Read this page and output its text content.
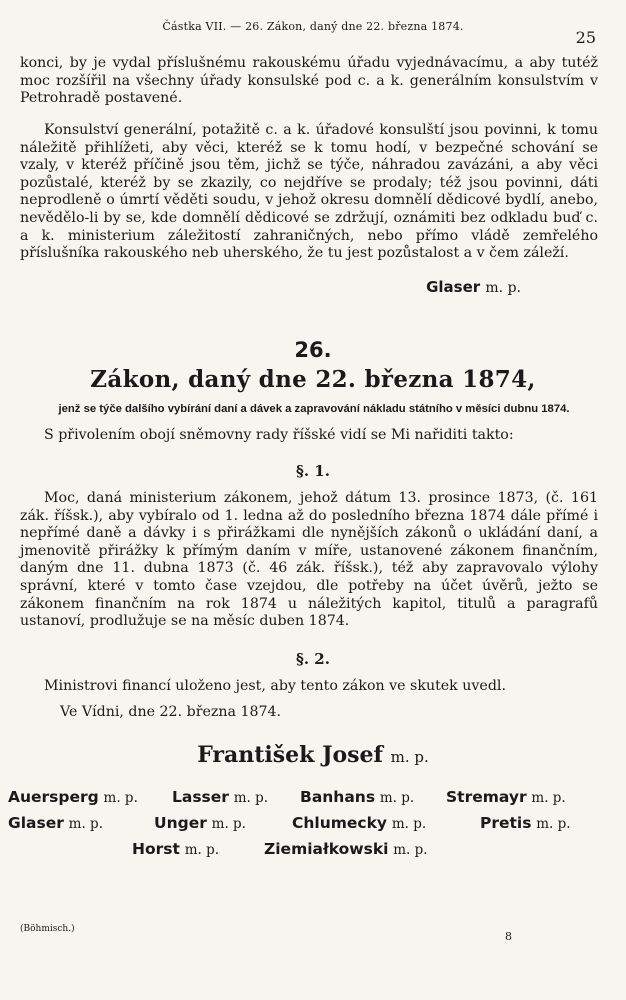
Částka VII. — 26. Zákon, daný dne 22. března 1874.
25

konci, by je vydal příslušnému rakouskému úřadu vyjednávacímu, a aby tutéž moc rozšířil na všechny úřady konsulské pod c. a k. generálním konsulstvím v Petrohradě postavené.

Konsulství generální, potažitě c. a k. úřadové konsulští jsou povinni, k tomu náležitě přihlížeti, aby věci, kteréž se k tomu hodí, v bezpečné schování se vzaly, v kteréž příčině jsou těm, jichž se týče, náhradou zavázáni, a aby věci pozůstalé, kteréž by se zkazily, co nejdříve se prodaly; též jsou povinni, dáti neprodleně o úmrtí věděti soudu, v jehož okresu domnělí dědicové bydlí, anebo, nevědělo-li by se, kde domnělí dědicové se zdržují, oznámiti bez odkladu buď c. a k. ministerium záležitostí zahraničných, nebo přímo vládě zemřelého příslušníka rakouského neb uherského, že tu jest pozůstalost a v čem záleží.

Glaser m. p.
26.
Zákon, daný dne 22. března 1874,
jenž se týče dalšího vybírání daní a dávek a zapravování nákladu státního v měsíci dubnu 1874.
S přivolením obojí sněmovny rady říšské vidí se Mi nařiditi takto:
§. 1.

Moc, daná ministerium zákonem, jehož dátum 13. prosince 1873, (č. 161 zák. říšsk.), aby vybíralo od 1. ledna až do posledního března 1874 dále přímé i nepřímé daně a dávky i s přirážkami dle nynějších zákonů o ukládání daní, a jmenovitě přirážky k přímým daním v míře, ustanovené zákonem finančním, daným dne 11. dubna 1873 (č. 46 zák. říšsk.), též aby zapravovalo výlohy správní, které v tomto čase vzejdou, dle potřeby na účet úvěrů, ježto se zákonem finančním na rok 1874 u náležitých kapitol, titulů a paragrafů ustanoví, prodlužuje se na měsíc duben 1874.

§. 2.

Ministrovi financí uloženo jest, aby tento zákon ve skutek uvedl.

Ve Vídni, dne 22. března 1874.
František Josef m. p.
Auersperg m. p. Lasser m. p. Banhans m. p. Stremayr m. p.
Glaser m. p.	Unger m. p.	Chlumecky m. p.	Pretis m. p.
Horst m. p.	Ziemiałkowski m. p.
(Böhmisch.)
8
